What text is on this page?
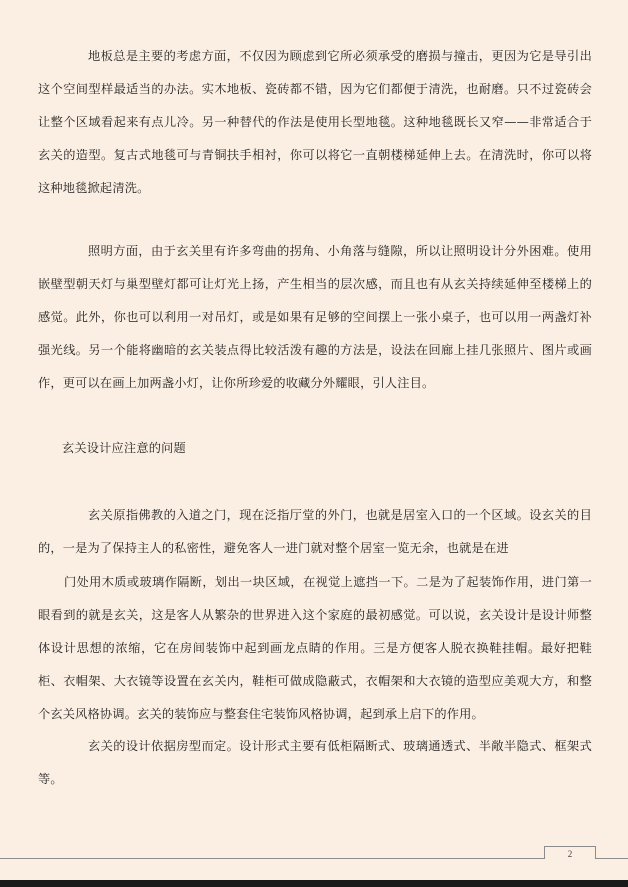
地板总是主要的考虑方面，不仅因为顾虑到它所必须承受的磨损与撞击，更因为它是导引出这个空间型样最适当的办法。实木地板、瓷砖都不错，因为它们都便于清洗，也耐磨。只不过瓷砖会让整个区域看起来有点儿冷。另一种替代的作法是使用长型地毯。这种地毯既长又窄——非常适合于玄关的造型。复古式地毯可与青铜扶手相衬，你可以将它一直朝楼梯延伸上去。在清洗时，你可以将这种地毯掀起清洗。

照明方面，由于玄关里有许多弯曲的拐角、小角落与缝隙，所以让照明设计分外困难。使用嵌壁型朝天灯与巢型壁灯都可让灯光上扬，产生相当的层次感，而且也有从玄关持续延伸至楼梯上的感觉。此外，你也可以利用一对吊灯，或是如果有足够的空间摆上一张小桌子，也可以用一两盏灯补强光线。另一个能将幽暗的玄关装点得比较活泼有趣的方法是，设法在回廊上挂几张照片、图片或画作，更可以在画上加两盏小灯，让你所珍爱的收藏分外耀眼，引人注目。

玄关设计应注意的问题

玄关原指佛教的入道之门，现在泛指厅堂的外门，也就是居室入口的一个区域。设玄关的目的，一是为了保持主人的私密性，避免客人一进门就对整个居室一览无余，也就是在进

门处用木质或玻璃作隔断，划出一块区域，在视觉上遮挡一下。二是为了起装饰作用，进门第一眼看到的就是玄关，这是客人从繁杂的世界进入这个家庭的最初感觉。可以说，玄关设计是设计师整体设计思想的浓缩，它在房间装饰中起到画龙点睛的作用。三是方便客人脱衣换鞋挂帽。最好把鞋柜、衣帽架、大衣镜等设置在玄关内，鞋柜可做成隐蔽式，衣帽架和大衣镜的造型应美观大方，和整个玄关风格协调。玄关的装饰应与整套住宅装饰风格协调，起到承上启下的作用。

玄关的设计依据房型而定。设计形式主要有低柜隔断式、玻璃通透式、半敞半隐式、框架式等。

2
